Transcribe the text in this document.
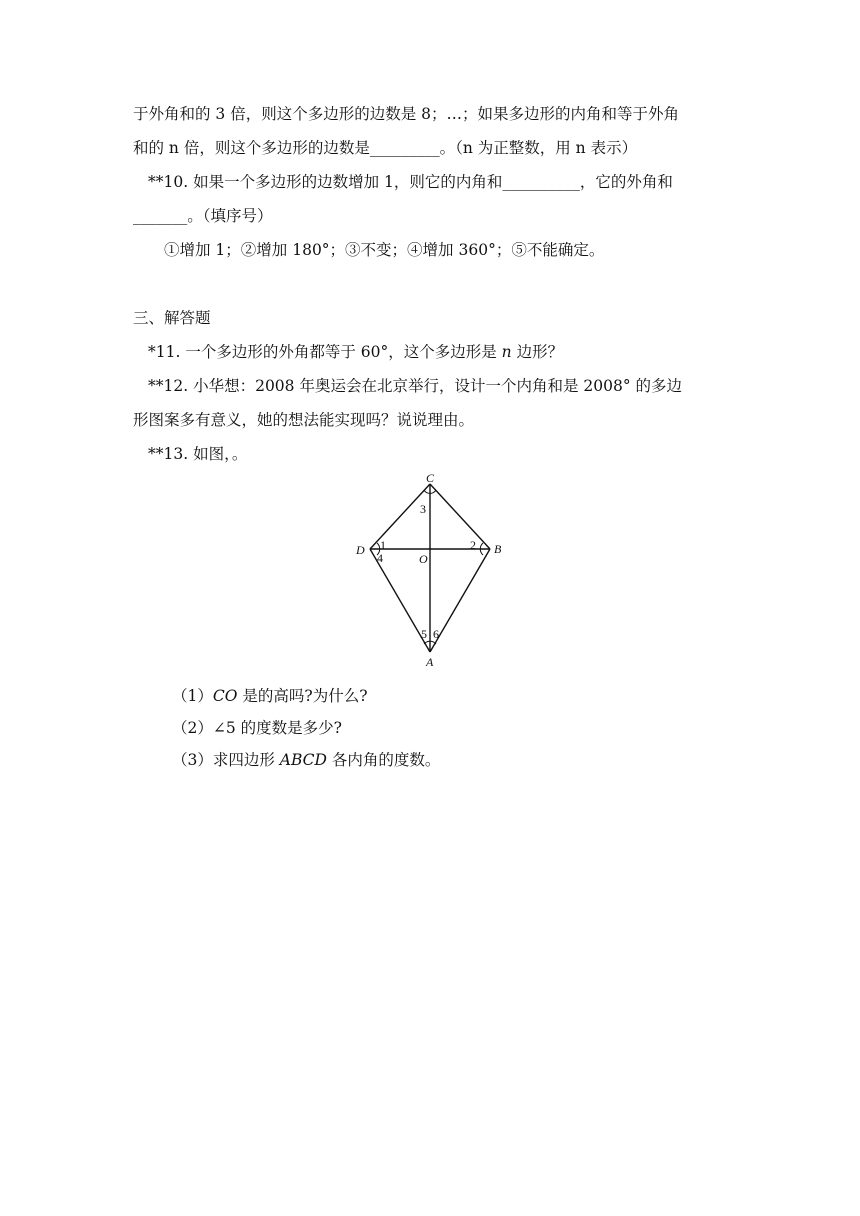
于外角和的 3 倍，则这个多边形的边数是 8；…；如果多边形的内角和等于外角
和的 n 倍，则这个多边形的边数是_________。（n 为正整数，用 n 表示）
**10. 如果一个多边形的边数增加 1，则它的内角和__________，它的外角和
_______。（填序号）
①增加 1；②增加 180°；③不变；④增加 360°；⑤不能确定。
三、解答题
*11. 一个多边形的外角都等于 60°，这个多边形是 n 边形？
**12. 小华想：2008 年奥运会在北京举行，设计一个内角和是 2008° 的多边
形图案多有意义，她的想法能实现吗？说说理由。
**13. 如图，。
C
B
D
O
A
1	2
3
4
5 6
（1）CO 是的高吗?为什么?
（2）∠5 的度数是多少?
（3）求四边形 ABCD 各内角的度数。
